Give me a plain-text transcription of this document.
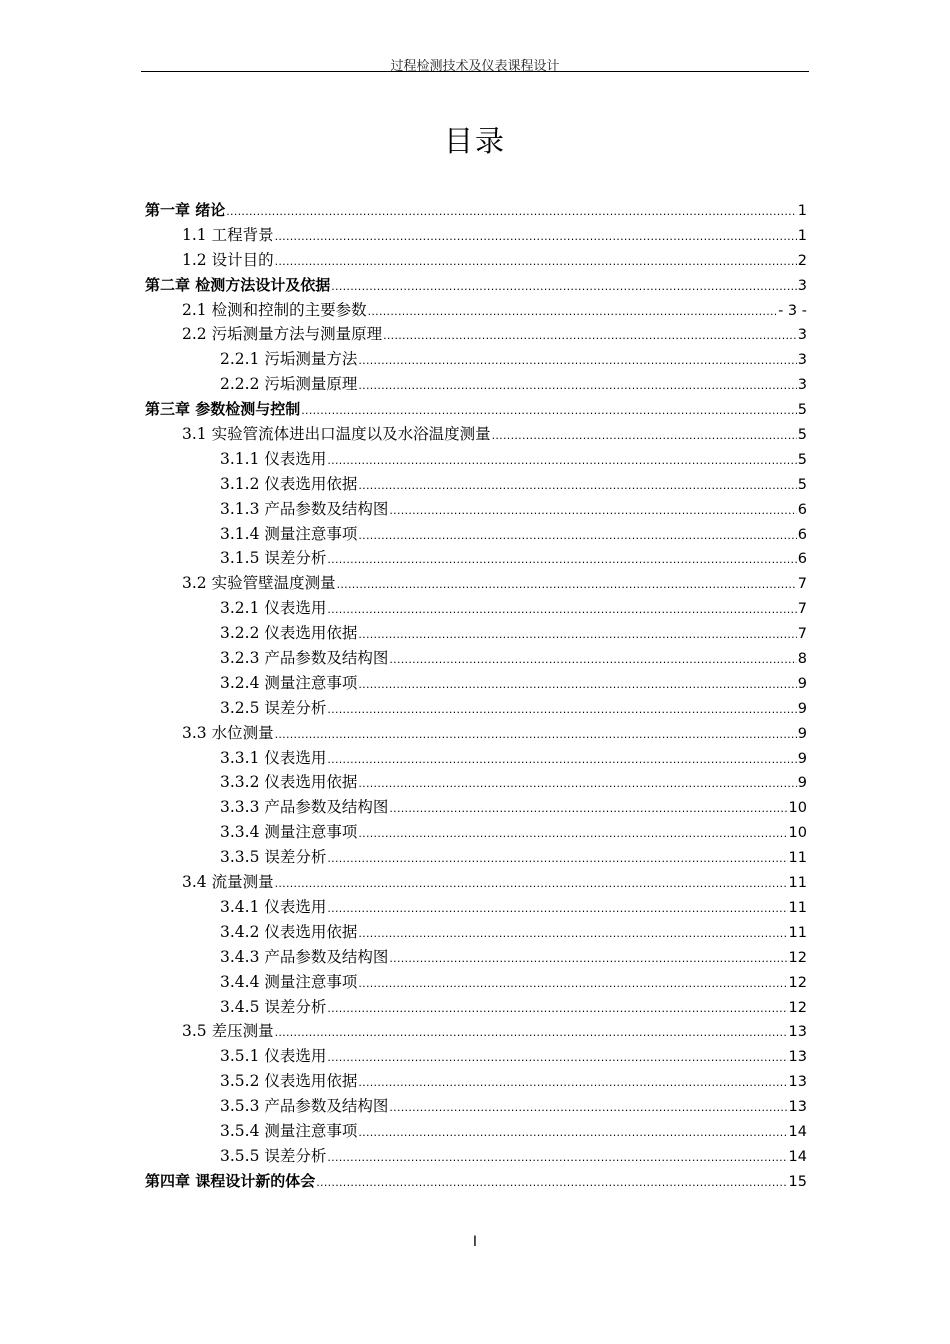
过程检测技术及仪表课程设计
目录
第一章 绪论 .....	1
1.1 工程背景 .....	1
1.2 设计目的 .....	2
第二章 检测方法设计及依据 .....	3
2.1 检测和控制的主要参数 .....	- 3 -
2.2 污垢测量方法与测量原理 .....	3
2.2.1 污垢测量方法 .....	3
2.2.2 污垢测量原理 .....	3
第三章 参数检测与控制 .....	5
3.1 实验管流体进出口温度以及水浴温度测量 .....	5
3.1.1 仪表选用 .....	5
3.1.2 仪表选用依据 .....	5
3.1.3 产品参数及结构图 .....	6
3.1.4 测量注意事项 .....	6
3.1.5 误差分析 .....	6
3.2 实验管壁温度测量 .....	7
3.2.1 仪表选用 .....	7
3.2.2 仪表选用依据 .....	7
3.2.3 产品参数及结构图 .....	8
3.2.4 测量注意事项 .....	9
3.2.5 误差分析 .....	9
3.3 水位测量 .....	9
3.3.1 仪表选用 .....	9
3.3.2 仪表选用依据 .....	9
3.3.3 产品参数及结构图 .....	10
3.3.4 测量注意事项 .....	10
3.3.5 误差分析 .....	11
3.4 流量测量 .....	11
3.4.1 仪表选用 .....	11
3.4.2 仪表选用依据 .....	11
3.4.3 产品参数及结构图 .....	12
3.4.4 测量注意事项 .....	12
3.4.5 误差分析 .....	12
3.5 差压测量 .....	13
3.5.1 仪表选用 .....	13
3.5.2 仪表选用依据 .....	13
3.5.3 产品参数及结构图 .....	13
3.5.4 测量注意事项 .....	14
3.5.5 误差分析 .....	14
第四章 课程设计新的体会 .....	15
I
